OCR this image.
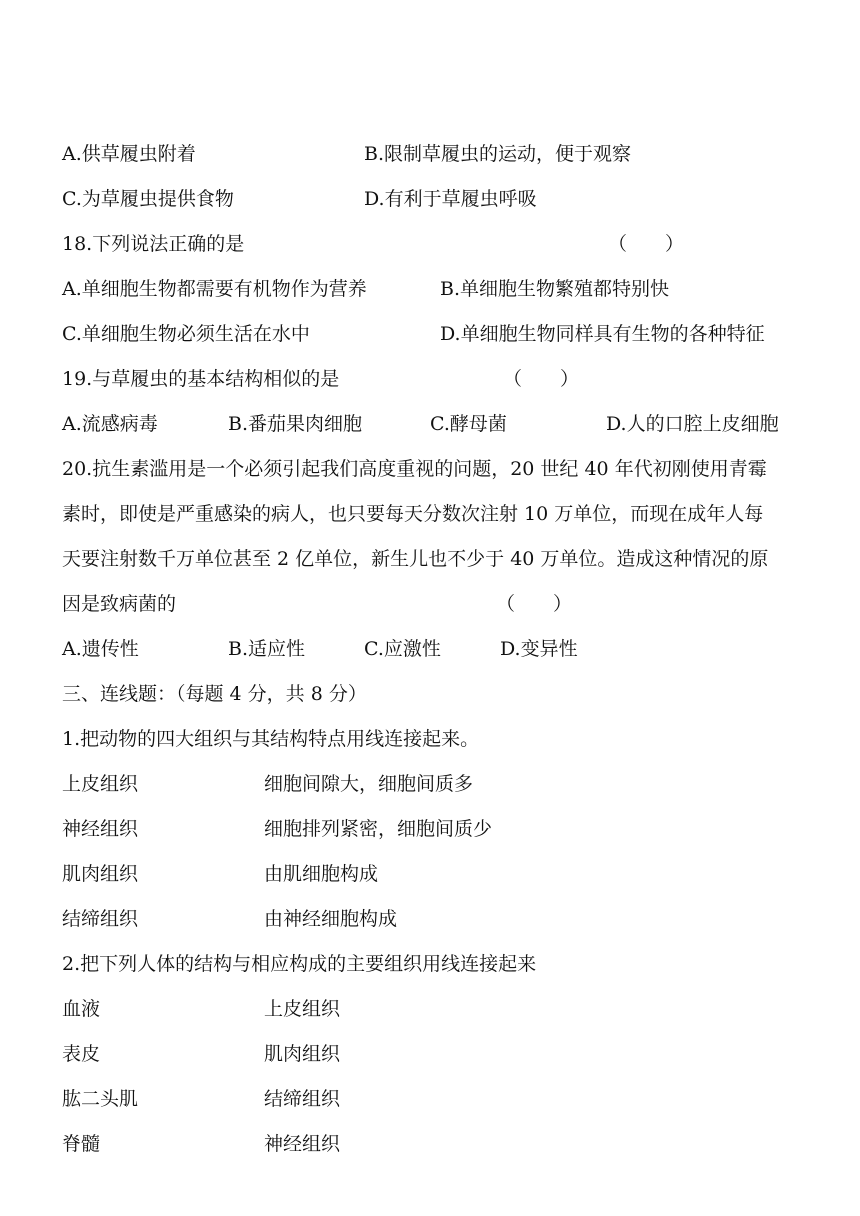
A.供草履虫附着	B.限制草履虫的运动，便于观察
C.为草履虫提供食物	D.有利于草履虫呼吸
18.下列说法正确的是	（　　）
A.单细胞生物都需要有机物作为营养	B.单细胞生物繁殖都特别快
C.单细胞生物必须生活在水中	D.单细胞生物同样具有生物的各种特征
19.与草履虫的基本结构相似的是	（　　）
A.流感病毒	B.番茄果肉细胞	C.酵母菌	D.人的口腔上皮细胞
20.抗生素滥用是一个必须引起我们高度重视的问题，20 世纪 40 年代初刚使用青霉
素时，即使是严重感染的病人，也只要每天分数次注射 10 万单位，而现在成年人每
天要注射数千万单位甚至 2 亿单位，新生儿也不少于 40 万单位。造成这种情况的原
因是致病菌的	（　　）
A.遗传性	B.适应性	C.应激性	D.变异性
三、连线题：（每题 4 分，共 8 分）
1.把动物的四大组织与其结构特点用线连接起来。
上皮组织	细胞间隙大，细胞间质多
神经组织	细胞排列紧密，细胞间质少
肌肉组织	由肌细胞构成
结缔组织	由神经细胞构成
2.把下列人体的结构与相应构成的主要组织用线连接起来
血液	上皮组织
表皮	肌肉组织
肱二头肌	结缔组织
脊髓	神经组织
